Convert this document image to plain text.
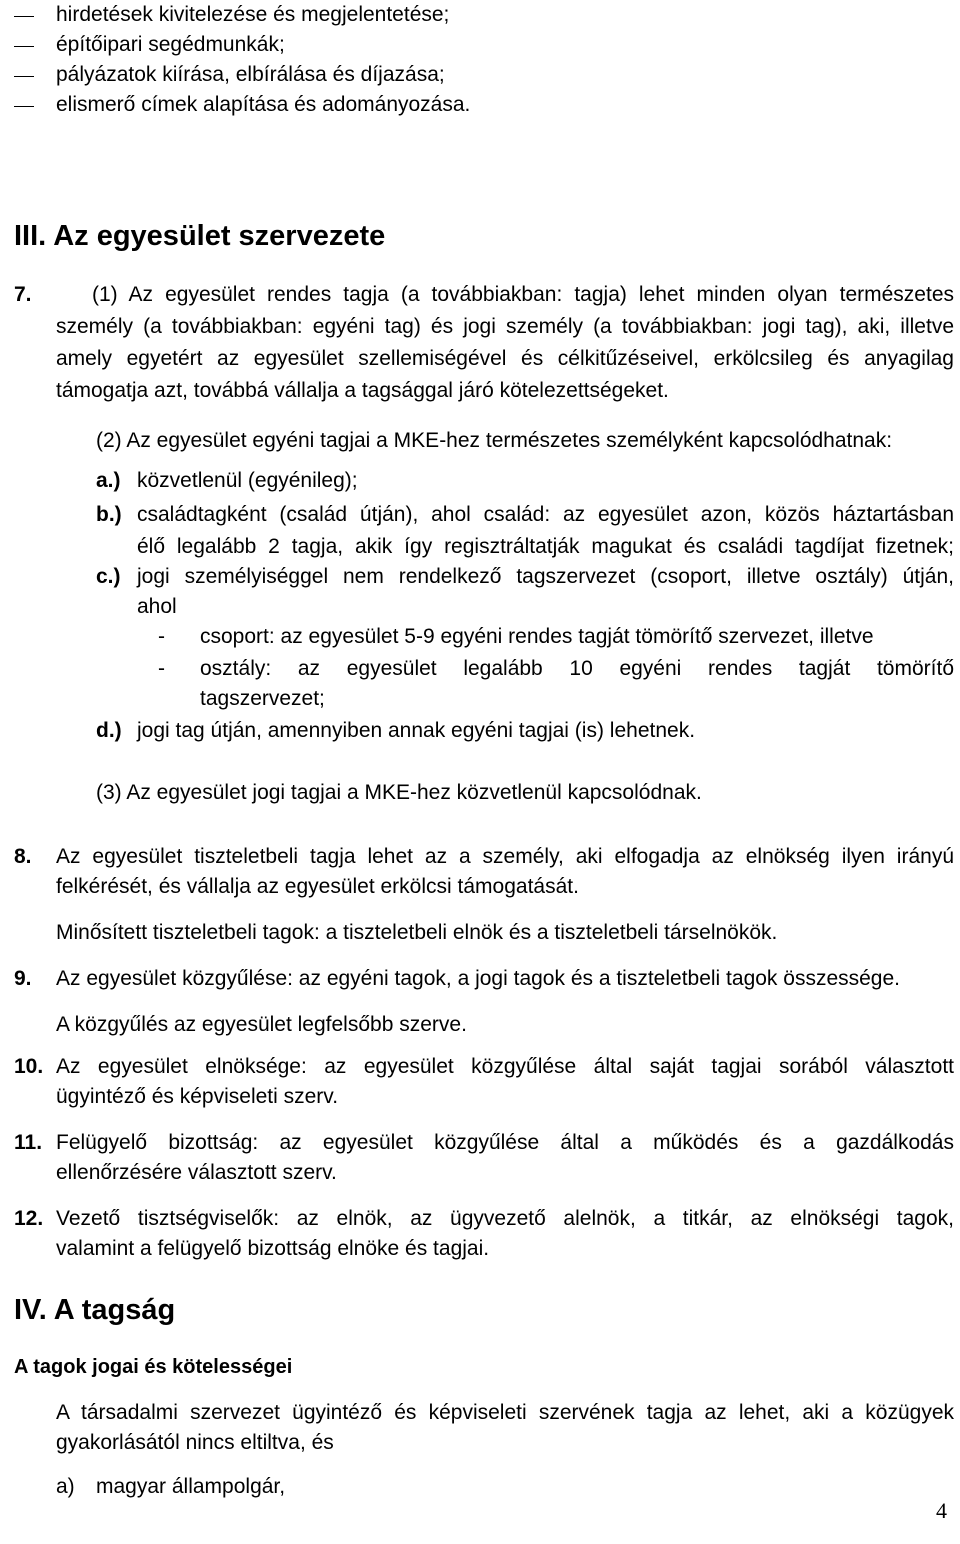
hirdetések kivitelezése és megjelentetése;
építőipari segédmunkák;
pályázatok kiírása, elbírálása és díjazása;
elismerő címek alapítása és adományozása.
III. Az egyesület szervezete
7.	(1) Az egyesület rendes tagja (a továbbiakban: tagja) lehet minden olyan természetes
személy (a továbbiakban: egyéni tag) és jogi személy (a továbbiakban: jogi tag), aki, illetve
amely egyetért az egyesület szellemiségével és célkitűzéseivel, erkölcsileg és anyagilag
támogatja azt, továbbá vállalja a tagsággal járó kötelezettségeket.
(2) Az egyesület egyéni tagjai a MKE-hez természetes személyként kapcsolódhatnak:
a.) közvetlenül (egyénileg);
b.) családtagként (család útján), ahol család: az egyesület azon, közös háztartásban
élő legalább 2 tagja, akik így regisztráltatják magukat és családi tagdíjat fizetnek;
c.) jogi személyiséggel nem rendelkező tagszervezet (csoport, illetve osztály) útján,
ahol
- csoport: az egyesület 5-9 egyéni rendes tagját tömörítő szervezet, illetve
- osztály: az egyesület legalább 10 egyéni rendes tagját tömörítő
tagszervezet;
d.) jogi tag útján, amennyiben annak egyéni tagjai (is) lehetnek.
(3) Az egyesület jogi tagjai a MKE-hez közvetlenül kapcsolódnak.
8. Az egyesület tiszteletbeli tagja lehet az a személy, aki elfogadja az elnökség ilyen irányú
felkérését, és vállalja az egyesület erkölcsi támogatását.
Minősített tiszteletbeli tagok: a tiszteletbeli elnök és a tiszteletbeli társelnökök.
9. Az egyesület közgyűlése: az egyéni tagok, a jogi tagok és a tiszteletbeli tagok összessége.
A közgyűlés az egyesület legfelsőbb szerve.
10. Az egyesület elnöksége: az egyesület közgyűlése által saját tagjai sorából választott
ügyintéző és képviseleti szerv.
11. Felügyelő bizottság: az egyesület közgyűlése által a működés és a gazdálkodás
ellenőrzésére választott szerv.
12. Vezető tisztségviselők: az elnök, az ügyvezető alelnök, a titkár, az elnökségi tagok,
valamint a felügyelő bizottság elnöke és tagjai.
IV. A tagság
A tagok jogai és kötelességei
A társadalmi szervezet ügyintéző és képviseleti szervének tagja az lehet, aki a közügyek
gyakorlásától nincs eltiltva, és
a) magyar állampolgár,
4
